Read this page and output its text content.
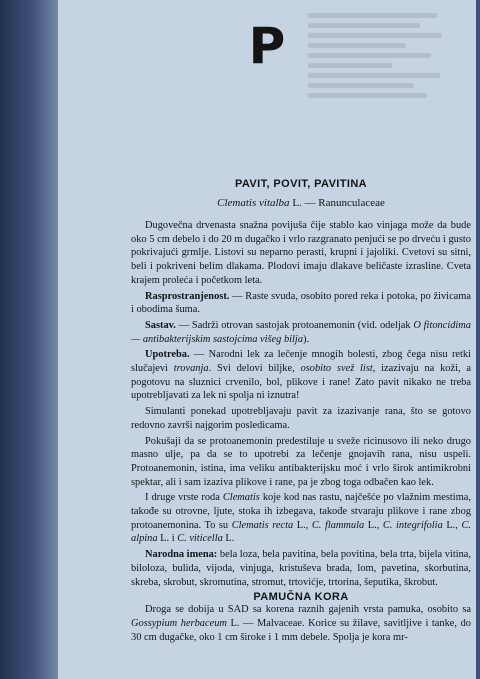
P
PAVIT, POVIT, PAVITINA
Clematis vitalba L. — Ranunculaceae

Dugovečna drvenasta snažna povijuša čije stablo kao vinjaga može da bude oko 5 cm debelo i do 20 m dugačko i vrlo razgranato penjući se po drveću i gusto pokrivajući grmlje. Listovi su neparno perasti, krupni i jajoliki. Cvetovi su sitni, beli i pokriveni belim dlakama. Plodovi imaju dlakave beličaste izrasline. Cveta krajem proleća i početkom leta.

Rasprostranjenost. — Raste svuda, osobito pored reka i potoka, po živicama i obodima šuma.

Sastav. — Sadrži otrovan sastojak protoanemonin (vid. odeljak O fitoncidima — antibakterijskim sastojcima višeg bilja).

Upotreba. — Narodni lek za lečenje mnogih bolesti, zbog čega nisu retki slučajevi trovanja. Svi delovi biljke, osobito svež list, izazivaju na koži, a pogotovu na sluznici crvenilo, bol, plikove i rane! Zato pavit nikako ne treba upotrebljavati za lek ni spolja ni iznutra!

Simulanti ponekad upotrebljavaju pavit za izazivanje rana, što se gotovo redovno završi najgorim posledicama.

Pokušaji da se protoanemonin predestiluje u sveže ricinusovo ili neko drugo masno ulje, pa da se to upotrebi za lečenje gnojavih rana, nisu uspeli. Protoanemonin, istina, ima veliku antibakterijsku moć i vrlo širok antimikrobni spektar, ali i sam izaziva plikove i rane, pa je zbog toga odbačen kao lek.

I druge vrste roda Clematis koje kod nas rastu, najčešće po vlažnim mestima, takođe su otrovne, ljute, stoka ih izbegava, takođe stvaraju plikove i rane zbog protoanemonina. To su Clematis recta L., C. flammula L., C. integrifolia L., C. alpina L. i C. viticella L.

Narodna imena: bela loza, bela pavitina, bela povitina, bela trta, bijela vitina, biloloza, bulida, vijoda, vinjuga, kristuševa brada, lom, pavetina, skorbutina, skreba, skrobut, skromutina, stromut, trtovićje, trtorina, šeputika, škrobut.

PAMUČNA KORA

Droga se dobija u SAD sa korena raznih gajenih vrsta pamuka, osobito sa Gossypium herbaceum L. — Malvaceae. Korice su žilave, savitljive i tanke, do 30 cm dugačke, oko 1 cm široke i 1 mm debele. Spolja je kora mr-
